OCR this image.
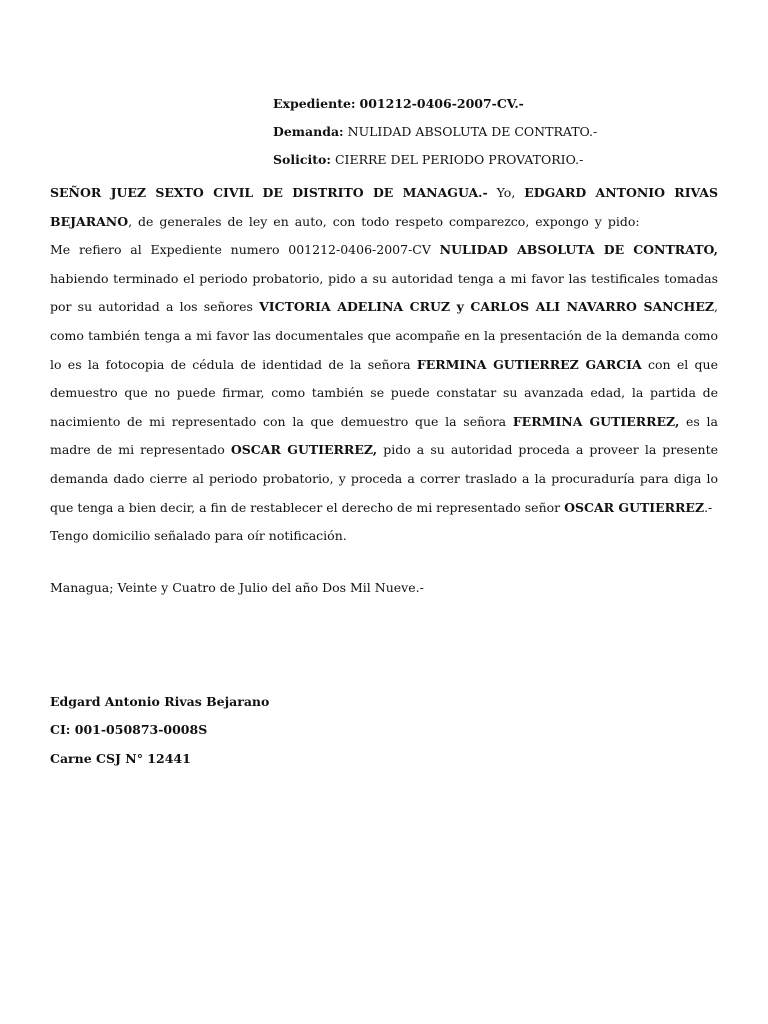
Expediente: 001212-0406-2007-CV.-
Demanda: NULIDAD ABSOLUTA DE CONTRATO.-
Solicito: CIERRE DEL PERIODO PROVATORIO.-

SEÑOR JUEZ SEXTO CIVIL DE DISTRITO DE MANAGUA.- Yo, EDGARD ANTONIO RIVAS BEJARANO, de generales de ley en auto, con todo respeto comparezco, expongo y pido:

Me refiero al Expediente numero 001212-0406-2007-CV NULIDAD ABSOLUTA DE CONTRATO, habiendo terminado el periodo probatorio, pido a su autoridad tenga a mi favor las testificales tomadas por su autoridad a los señores VICTORIA ADELINA CRUZ y CARLOS ALI NAVARRO SANCHEZ, como también tenga a mi favor las documentales que acompañe en la presentación de la demanda como lo es la fotocopia de cédula de identidad de la señora FERMINA GUTIERREZ GARCIA con el que demuestro que no puede firmar, como también se puede constatar su avanzada edad, la partida de nacimiento de mi representado con la que demuestro que la señora FERMINA GUTIERREZ, es la madre de mi representado OSCAR GUTIERREZ, pido a su autoridad proceda a proveer la presente demanda dado cierre al periodo probatorio, y proceda a correr traslado a la procuraduría para diga lo que tenga a bien decir, a fin de restablecer el derecho de mi representado señor OSCAR GUTIERREZ.-

Tengo domicilio señalado para oír notificación.

Managua; Veinte y Cuatro de Julio del año Dos Mil Nueve.-
Edgard Antonio Rivas Bejarano
CI: 001-050873-0008S
Carne CSJ N° 12441
